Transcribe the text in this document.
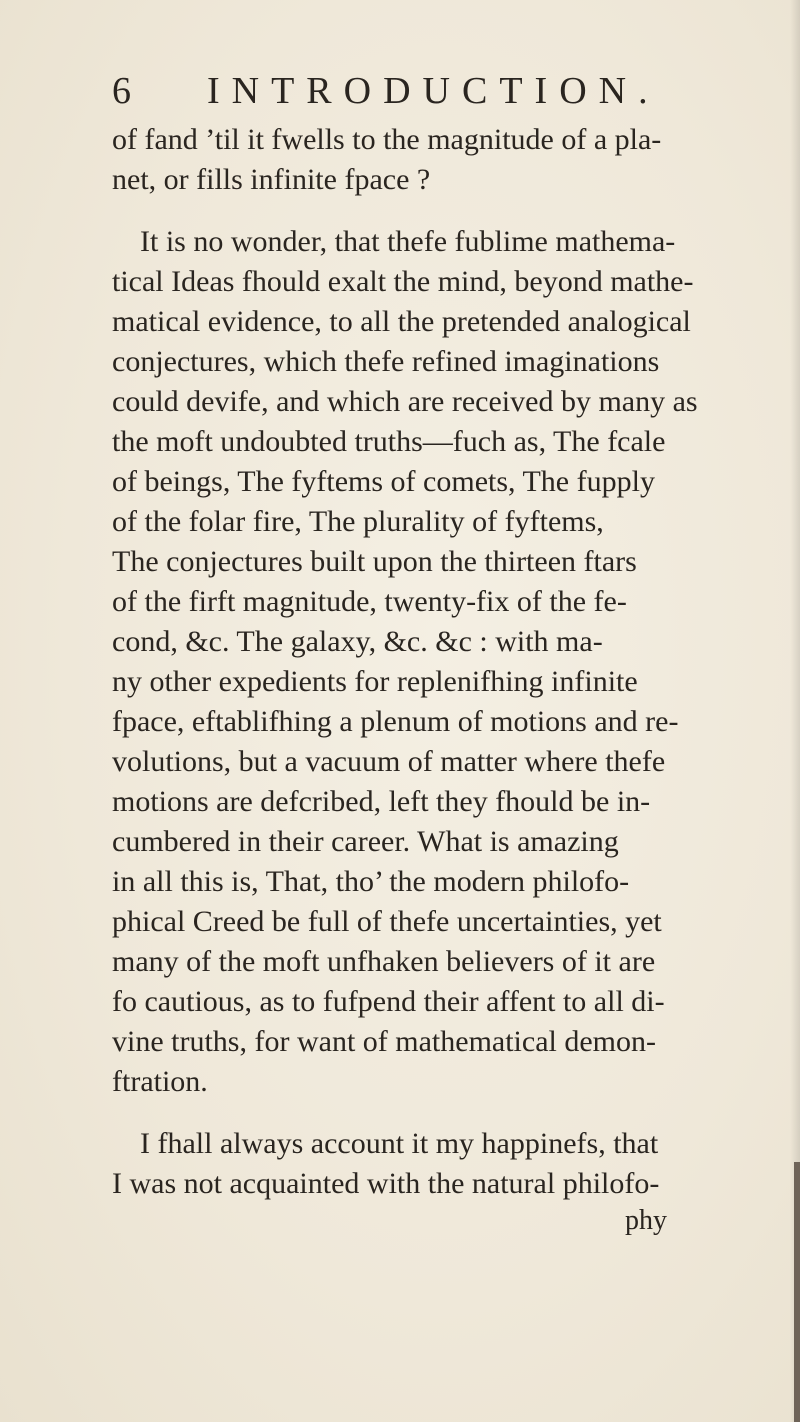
6 INTRODUCTION.
of fand ’til it fwells to the magnitude of a pla-
net, or fills infinite fpace ?
It is no wonder, that thefe fublime mathema-
tical Ideas fhould exalt the mind, beyond mathe-
matical evidence, to all the pretended analogical
conjectures, which thefe refined imaginations
could devife, and which are received by many as
the moft undoubted truths—fuch as, The fcale
of beings, The fyftems of comets, The fupply
of the folar fire, The plurality of fyftems,
The conjectures built upon the thirteen ftars
of the firft magnitude, twenty-fix of the fe-
cond, &c. The galaxy, &c. &c : with ma-
ny other expedients for replenifhing infinite
fpace, eftablifhing a plenum of motions and re-
volutions, but a vacuum of matter where thefe
motions are defcribed, left they fhould be in-
cumbered in their career. What is amazing
in all this is, That, tho’ the modern philofo-
phical Creed be full of thefe uncertainties, yet
many of the moft unfhaken believers of it are
fo cautious, as to fufpend their affent to all di-
vine truths, for want of mathematical demon-
ftration.
I fhall always account it my happinefs, that
I was not acquainted with the natural philofo-
phy
